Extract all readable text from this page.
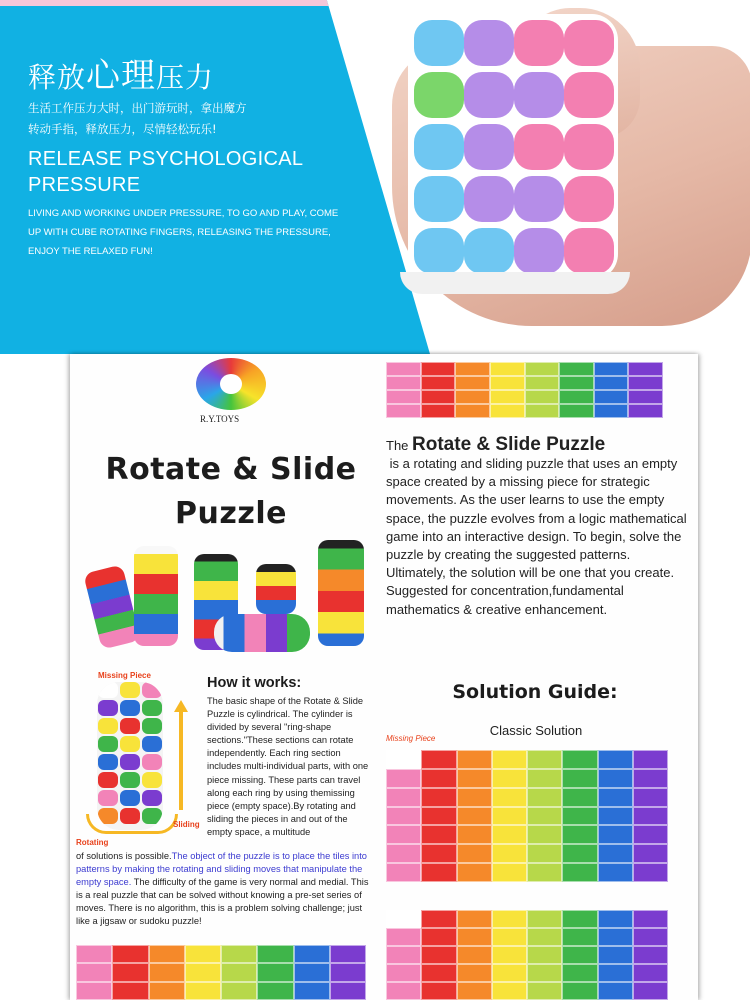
释放心理压力
生活工作压力大时，出门游玩时，拿出魔方
转动手指，释放压力，尽情轻松玩乐!
RELEASE PSYCHOLOGICAL PRESSURE
LIVING AND WORKING UNDER PRESSURE, TO GO AND PLAY, COME UP WITH CUBE ROTATING FINGERS, RELEASING THE PRESSURE, ENJOY THE RELAXED FUN!
R.Y.TOYS
Rotate & Slide
Puzzle
Missing Piece
Sliding
Rotating
How it works:
The basic shape of the Rotate & Slide Puzzle is cylindrical. The cylinder is divided by several "ring-shape sections."These sections can rotate independently. Each ring section includes multi-individual parts, with one piece missing. These parts can travel along each ring by using themissing piece (empty space).By rotating and sliding the pieces in and out of the empty space, a multitude
of solutions is possible.The object of the puzzle is to place the tiles into patterns by making the rotating and sliding moves that manipulate the empty space. The difficulty of the game is very normal and medial. This is a real puzzle that can be solved without knowing a pre-set series of moves. There is no algorithm, this is a problem solving challenge; just like a jigsaw or sudoku puzzle!
The Rotate & Slide Puzzle
is a rotating and sliding puzzle that uses an empty space created by a missing piece for strategic movements. As the user learns to use the empty space, the puzzle evolves from a logic mathematical game into an interactive design. To begin, solve the puzzle by creating the suggested patterns. Ultimately, the solution will be one that you create. Suggested for concentration,fundamental mathematics & creative enhancement.
Solution Guide:
Classic Solution
Missing Piece
